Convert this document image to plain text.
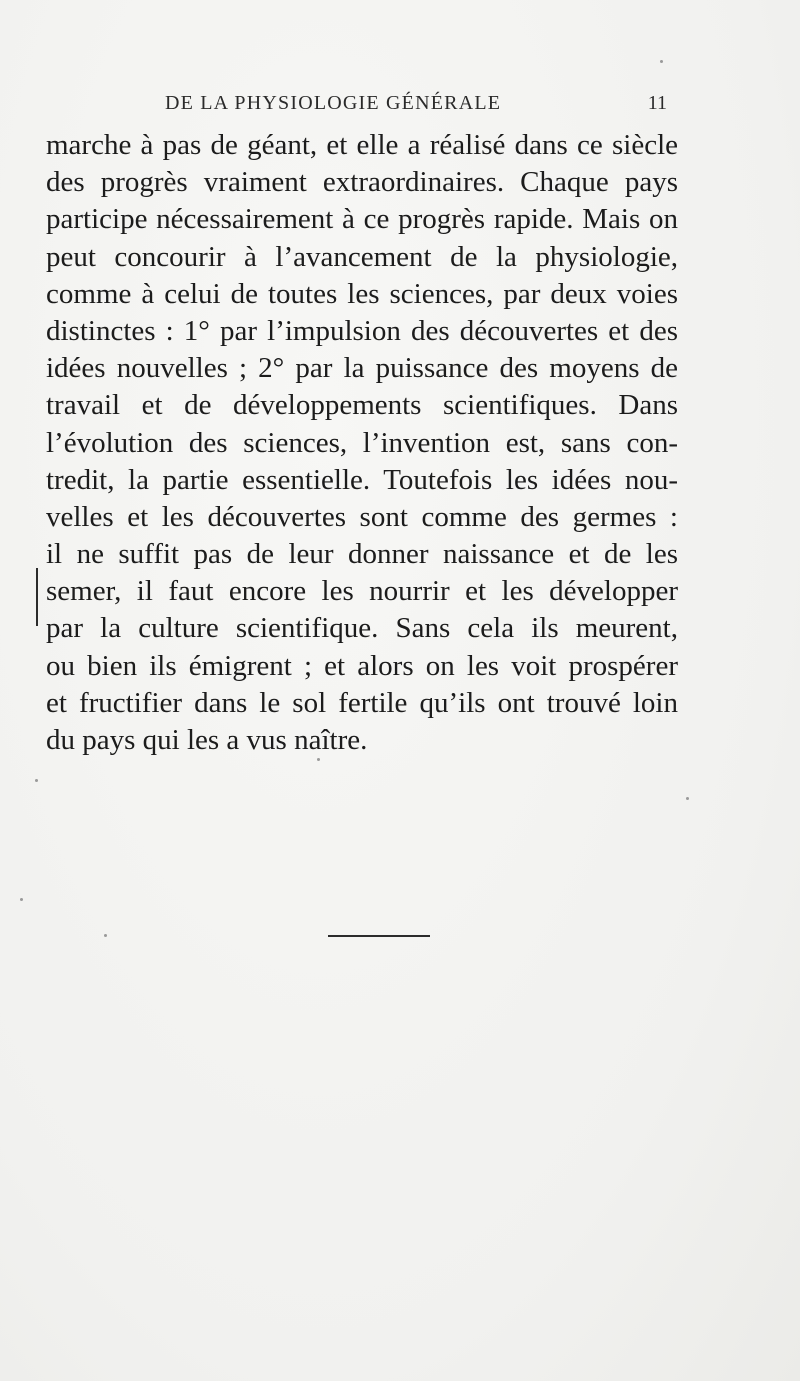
DE LA PHYSIOLOGIE GÉNÉRALE	11
marche à pas de géant, et elle a réalisé dans ce siècle
des progrès vraiment extraordinaires. Chaque pays
participe nécessairement à ce progrès rapide. Mais on
peut concourir à l’avancement de la physiologie,
comme à celui de toutes les sciences, par deux voies
distinctes : 1° par l’impulsion des découvertes et des
idées nouvelles ; 2° par la puissance des moyens de
travail et de développements scientifiques. Dans
l’évolution des sciences, l’invention est, sans con-
tredit, la partie essentielle. Toutefois les idées nou-
velles et les découvertes sont comme des germes :
il ne suffit pas de leur donner naissance et de les
semer, il faut encore les nourrir et les développer
par la culture scientifique. Sans cela ils meurent,
ou bien ils émigrent ; et alors on les voit prospérer
et fructifier dans le sol fertile qu’ils ont trouvé loin
du pays qui les a vus naître.
